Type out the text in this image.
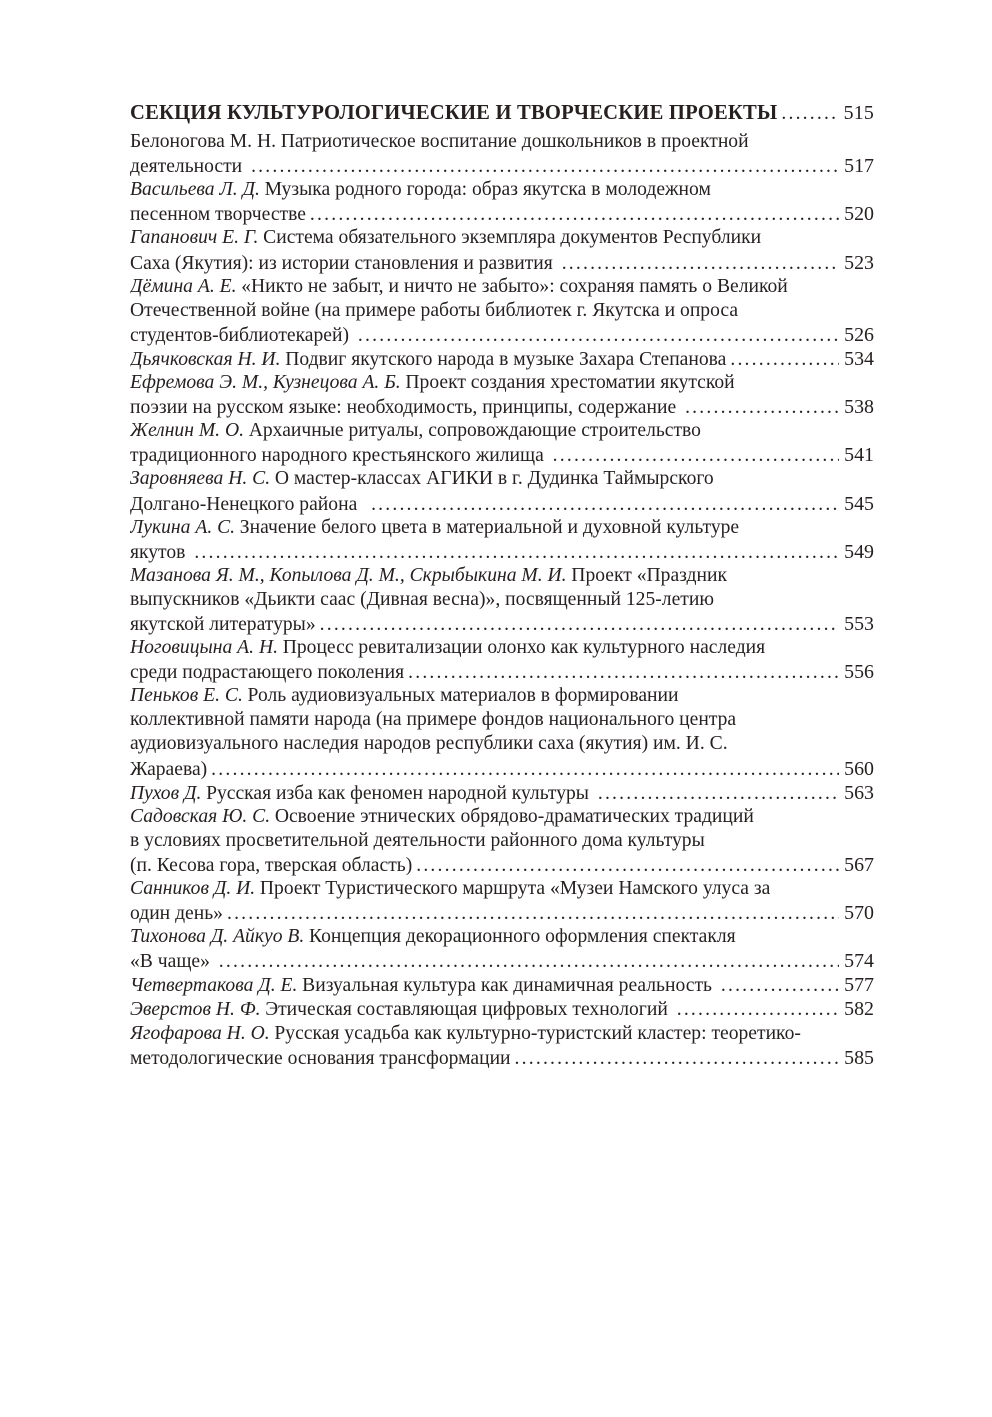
СЕКЦИЯ КУЛЬТУРОЛОГИЧЕСКИЕ И ТВОРЧЕСКИЕ ПРОЕКТЫ .....	515
Белоногова М. Н. Патриотическое воспитание дошкольников в проектной
деятельности .....	517
Васильева Л. Д. Музыка родного города: образ якутска в молодежном
песенном творчестве .....	520
Гапанович Е. Г. Система обязательного экземпляра документов Республики
Саха (Якутия): из истории становления и развития .....	523
Дёмина А. Е. «Никто не забыт, и ничто не забыто»: сохраняя память о Великой
Отечественной войне (на примере работы библиотек г. Якутска и опроса
студентов-библиотекарей) .....	526
Дьячковская Н. И. Подвиг якутского народа в музыке Захара Степанова .....	534
Ефремова Э. М., Кузнецова А. Б. Проект создания хрестоматии якутской
поэзии на русском языке: необходимость, принципы, содержание .....	538
Желнин М. О. Архаичные ритуалы, сопровождающие строительство
традиционного народного крестьянского жилища .....	541
Заровняева Н. С. О мастер-классах АГИКИ в г. Дудинка Таймырского
Долгано-Ненецкого района .....	545
Лукина А. С. Значение белого цвета в материальной и духовной культуре
якутов .....	549
Мазанова Я. М., Копылова Д. М., Скрыбыкина М. И. Проект «Праздник
выпускников «Дьикти саас (Дивная весна)», посвященный 125-летию
якутской литературы» .....	553
Ноговицына А. Н. Процесс ревитализации олонхо как культурного наследия
среди подрастающего поколения .....	556
Пеньков Е. С. Роль аудиовизуальных материалов в формировании
коллективной памяти народа (на примере фондов национального центра
аудиовизуального наследия народов республики саха (якутия) им. И. С.
Жараева) .....	560
Пухов Д. Русская изба как феномен народной культуры .....	563
Садовская Ю. С. Освоение этнических обрядово-драматических традиций
в условиях просветительной деятельности районного дома культуры
(п. Кесова гора, тверская область) .....	567
Санников Д. И. Проект Туристического маршрута «Музеи Намского улуса за
один день» .....	570
Тихонова Д. Айкуо В. Концепция декорационного оформления спектакля
«В чаще» .....	574
Четвертакова Д. Е. Визуальная культура как динамичная реальность .....	577
Эверстов Н. Ф. Этическая составляющая цифровых технологий .....	582
Ягофарова Н. О. Русская усадьба как культурно-туристский кластер: теоретико-
методологические основания трансформации .....	585
